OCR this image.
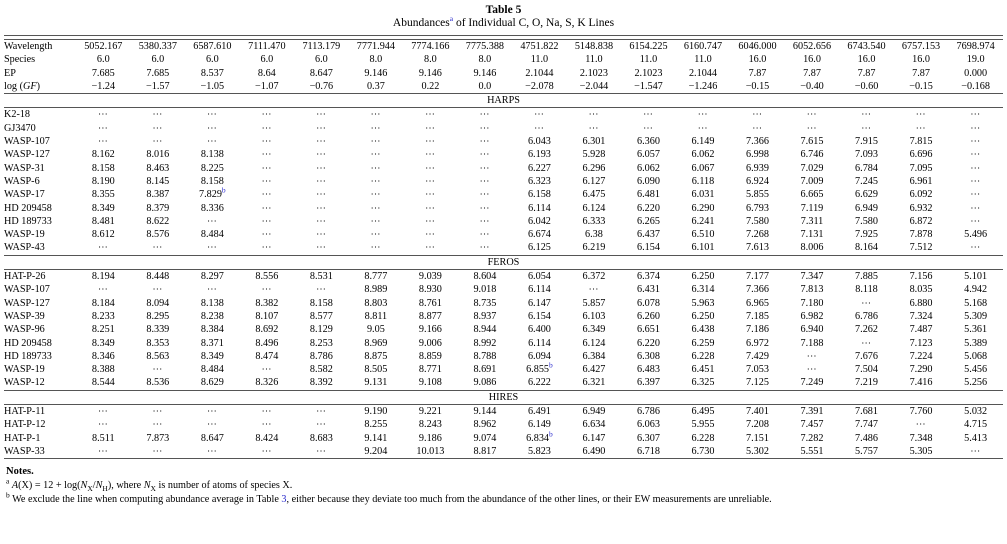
Table 5
Abundances$^a$ of Individual C, O, Na, S, K Lines

Wavelength	5052.167	5380.337	6587.610	7111.470	7113.179	7771.944	7774.166	7775.388	4751.822	5148.838	6154.225	6160.747	6046.000	6052.656	6743.540	6757.153	7698.974
Species	6.0	6.0	6.0	6.0	6.0	8.0	8.0	8.0	11.0	11.0	11.0	11.0	16.0	16.0	16.0	16.0	19.0
EP	7.685	7.685	8.537	8.64	8.647	9.146	9.146	9.146	2.1044	2.1023	2.1023	2.1044	7.87	7.87	7.87	7.87	0.000
log (GF)	−1.24	−1.57	−1.05	−1.07	−0.76	0.37	0.22	0.0	−2.078	−2.044	−1.547	−1.246	−0.15	−0.40	−0.60	−0.15	−0.168

HARPS																	

K2-18	⋯	⋯	⋯	⋯	⋯	⋯	⋯	⋯	⋯	⋯	⋯	⋯	⋯	⋯	⋯	⋯	⋯
GJ3470	⋯	⋯	⋯	⋯	⋯	⋯	⋯	⋯	⋯	⋯	⋯	⋯	⋯	⋯	⋯	⋯	⋯
WASP-107	⋯	⋯	⋯	⋯	⋯	⋯	⋯	⋯	6.043	6.301	6.360	6.149	7.366	7.615	7.915	7.815	⋯
WASP-127	8.162	8.016	8.138	⋯	⋯	⋯	⋯	⋯	6.193	5.928	6.057	6.062	6.998	6.746	7.093	6.696	⋯
WASP-31	8.158	8.463	8.225	⋯	⋯	⋯	⋯	⋯	6.227	6.296	6.062	6.067	6.939	7.029	6.784	7.095	⋯
WASP-6	8.190	8.145	8.158	⋯	⋯	⋯	⋯	⋯	6.323	6.127	6.090	6.118	6.924	7.009	7.245	6.961	⋯
WASP-17	8.355	8.387	7.829$^b$	⋯	⋯	⋯	⋯	⋯	6.158	6.475	6.481	6.031	5.855	6.665	6.629	6.092	⋯
HD 209458	8.349	8.379	8.336	⋯	⋯	⋯	⋯	⋯	6.114	6.124	6.220	6.290	6.793	7.119	6.949	6.932	⋯
HD 189733	8.481	8.622	⋯	⋯	⋯	⋯	⋯	⋯	6.042	6.333	6.265	6.241	7.580	7.311	7.580	6.872	⋯
WASP-19	8.612	8.576	8.484	⋯	⋯	⋯	⋯	⋯	6.674	6.38	6.437	6.510	7.268	7.131	7.925	7.878	5.496
WASP-43	⋯	⋯	⋯	⋯	⋯	⋯	⋯	⋯	6.125	6.219	6.154	6.101	7.613	8.006	8.164	7.512	⋯

FEROS																	

HAT-P-26	8.194	8.448	8.297	8.556	8.531	8.777	9.039	8.604	6.054	6.372	6.374	6.250	7.177	7.347	7.885	7.156	5.101
WASP-107	⋯	⋯	⋯	⋯	⋯	8.989	8.930	9.018	6.114	⋯	6.431	6.314	7.366	7.813	8.118	8.035	4.942
WASP-127	8.184	8.094	8.138	8.382	8.158	8.803	8.761	8.735	6.147	5.857	6.078	5.963	6.965	7.180	⋯	6.880	5.168
WASP-39	8.233	8.295	8.238	8.107	8.577	8.811	8.877	8.937	6.154	6.103	6.260	6.250	7.185	6.982	6.786	7.324	5.309
WASP-96	8.251	8.339	8.384	8.692	8.129	9.05	9.166	8.944	6.400	6.349	6.651	6.438	7.186	6.940	7.262	7.487	5.361
HD 209458	8.349	8.353	8.371	8.496	8.253	8.969	9.006	8.992	6.114	6.124	6.220	6.259	6.972	7.188	⋯	7.123	5.389
HD 189733	8.346	8.563	8.349	8.474	8.786	8.875	8.859	8.788	6.094	6.384	6.308	6.228	7.429	⋯	7.676	7.224	5.068
WASP-19	8.388	⋯	8.484	⋯	8.582	8.505	8.771	8.691	6.855$^b$	6.427	6.483	6.451	7.053	⋯	7.504	7.290	5.456
WASP-12	8.544	8.536	8.629	8.326	8.392	9.131	9.108	9.086	6.222	6.321	6.397	6.325	7.125	7.249	7.219	7.416	5.256

HIRES																	

HAT-P-11	⋯	⋯	⋯	⋯	⋯	9.190	9.221	9.144	6.491	6.949	6.786	6.495	7.401	7.391	7.681	7.760	5.032
HAT-P-12	⋯	⋯	⋯	⋯	⋯	8.255	8.243	8.962	6.149	6.634	6.063	5.955	7.208	7.457	7.747	⋯	4.715
HAT-P-1	8.511	7.873	8.647	8.424	8.683	9.141	9.186	9.074	6.834$^b$	6.147	6.307	6.228	7.151	7.282	7.486	7.348	5.413
WASP-33	⋯	⋯	⋯	⋯	⋯	9.204	10.013	8.817	5.823	6.490	6.718	6.730	5.302	5.551	5.757	5.305	⋯

Notes.
$^a$ $A(X) = 12 + \log(N_X/N_H)$, where $N_X$ is number of atoms of species X.
$^b$ We exclude the line when computing abundance average in Table 3, either because they deviate too much from the abundance of the other lines, or their EW measurements are unreliable.
